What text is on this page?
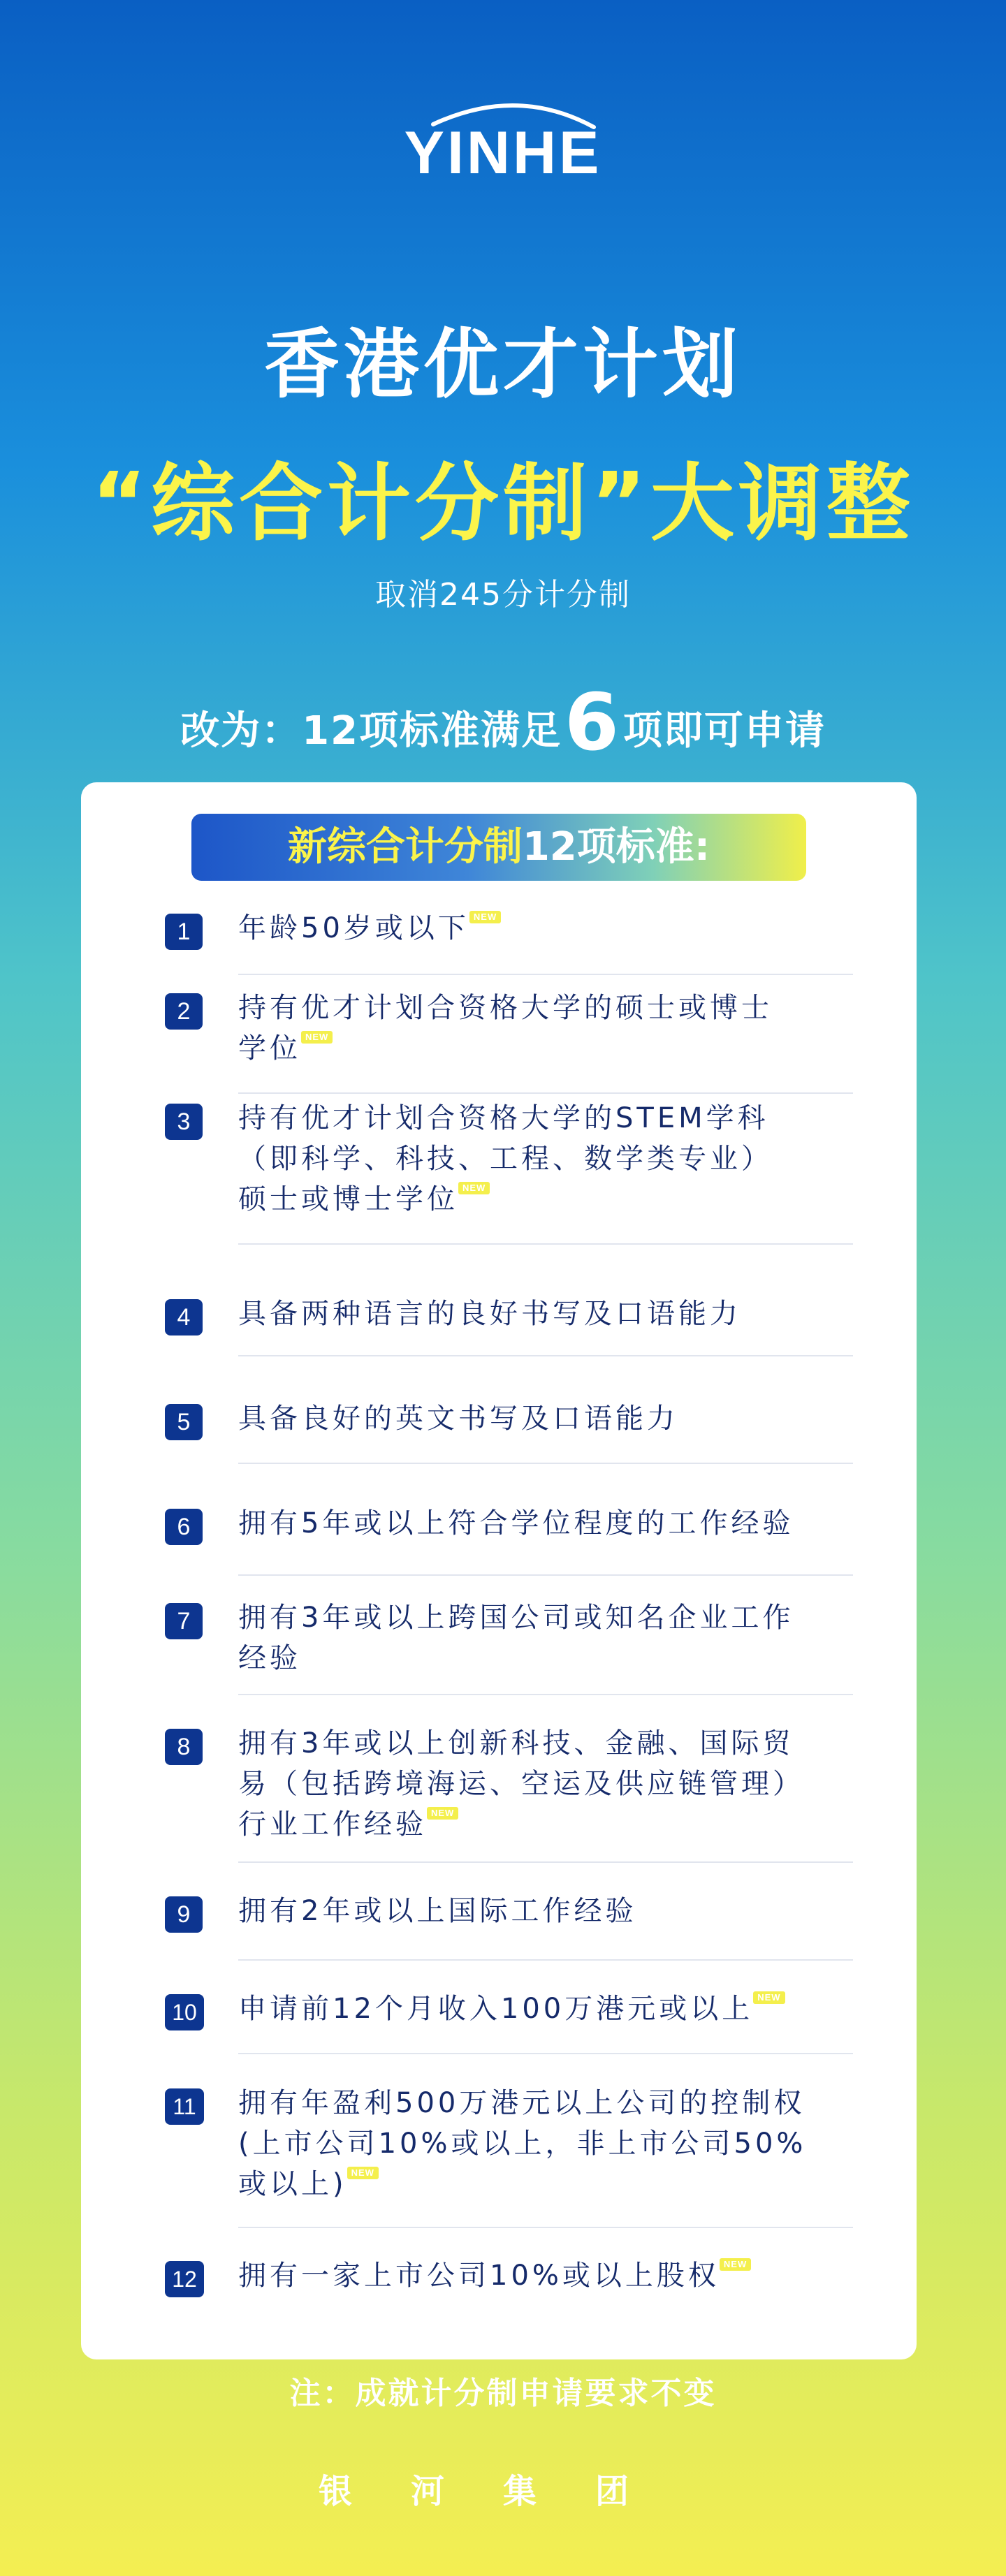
YINHE
香港优才计划
“综合计分制”大调整
取消245分计分制
改为：12项标准满足6项即可申请
新综合计分制12项标准:
1	年龄50岁或以下 NEW
2	持有优才计划合资格大学的硕士或博士
学位 NEW
3	持有优才计划合资格大学的STEM学科
（即科学、科技、工程、数学类专业）
硕士或博士学位 NEW
4	具备两种语言的良好书写及口语能力
5	具备良好的英文书写及口语能力
6	拥有5年或以上符合学位程度的工作经验
7	拥有3年或以上跨国公司或知名企业工作
经验
8	拥有3年或以上创新科技、金融、国际贸
易（包括跨境海运、空运及供应链管理）
行业工作经验 NEW
9	拥有2年或以上国际工作经验
10 申请前12个月收入100万港元或以上 NEW
11 拥有年盈利500万港元以上公司的控制权
(上市公司10%或以上，非上市公司50%
或以上) NEW
12 拥有一家上市公司10%或以上股权 NEW
注：成就计分制申请要求不变
银河集团
